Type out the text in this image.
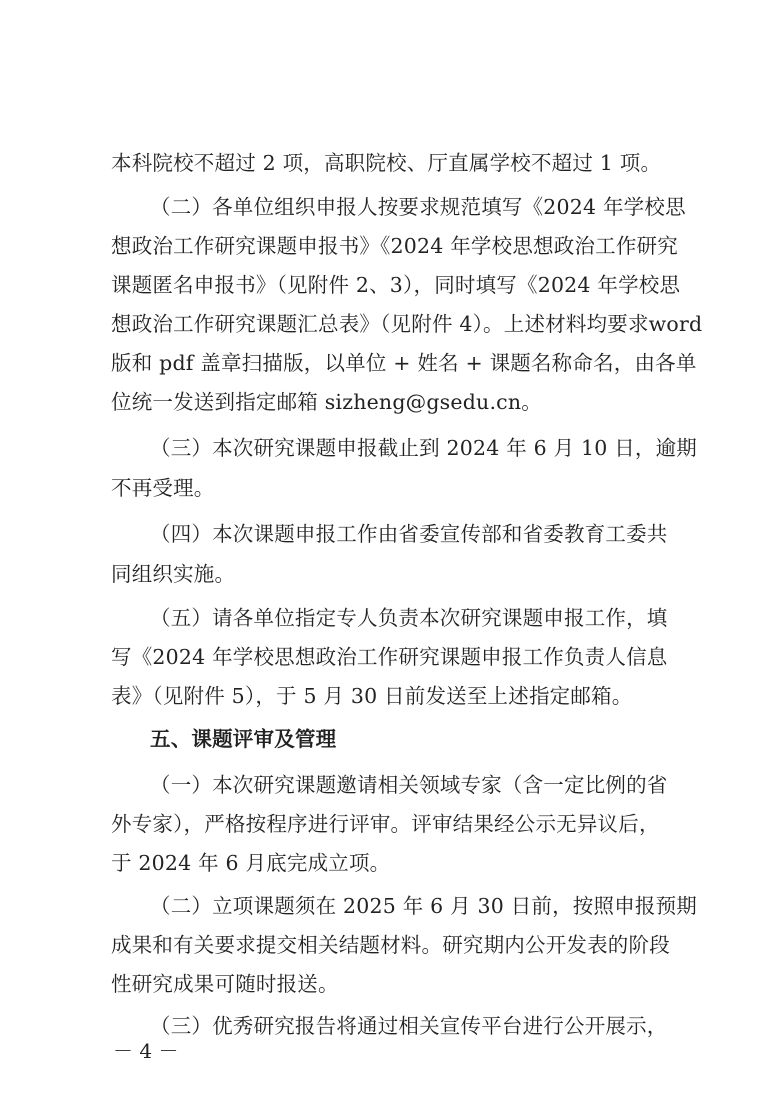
本科院校不超过 2 项，高职院校、厅直属学校不超过 1 项。
（二）各单位组织申报人按要求规范填写《2024 年学校思
想政治工作研究课题申报书》《2024 年学校思想政治工作研究
课题匿名申报书》（见附件 2、3），同时填写《2024 年学校思
想政治工作研究课题汇总表》（见附件 4）。上述材料均要求word
版和 pdf 盖章扫描版，以单位 + 姓名 + 课题名称命名，由各单
位统一发送到指定邮箱 sizheng@gsedu.cn。
（三）本次研究课题申报截止到 2024 年 6 月 10 日，逾期
不再受理。
（四）本次课题申报工作由省委宣传部和省委教育工委共
同组织实施。
（五）请各单位指定专人负责本次研究课题申报工作，填
写《2024 年学校思想政治工作研究课题申报工作负责人信息
表》（见附件 5），于 5 月 30 日前发送至上述指定邮箱。
五、课题评审及管理
（一）本次研究课题邀请相关领域专家（含一定比例的省
外专家），严格按程序进行评审。评审结果经公示无异议后，
于 2024 年 6 月底完成立项。
（二）立项课题须在 2025 年 6 月 30 日前，按照申报预期
成果和有关要求提交相关结题材料。研究期内公开发表的阶段
性研究成果可随时报送。
（三）优秀研究报告将通过相关宣传平台进行公开展示，
－ 4 －
